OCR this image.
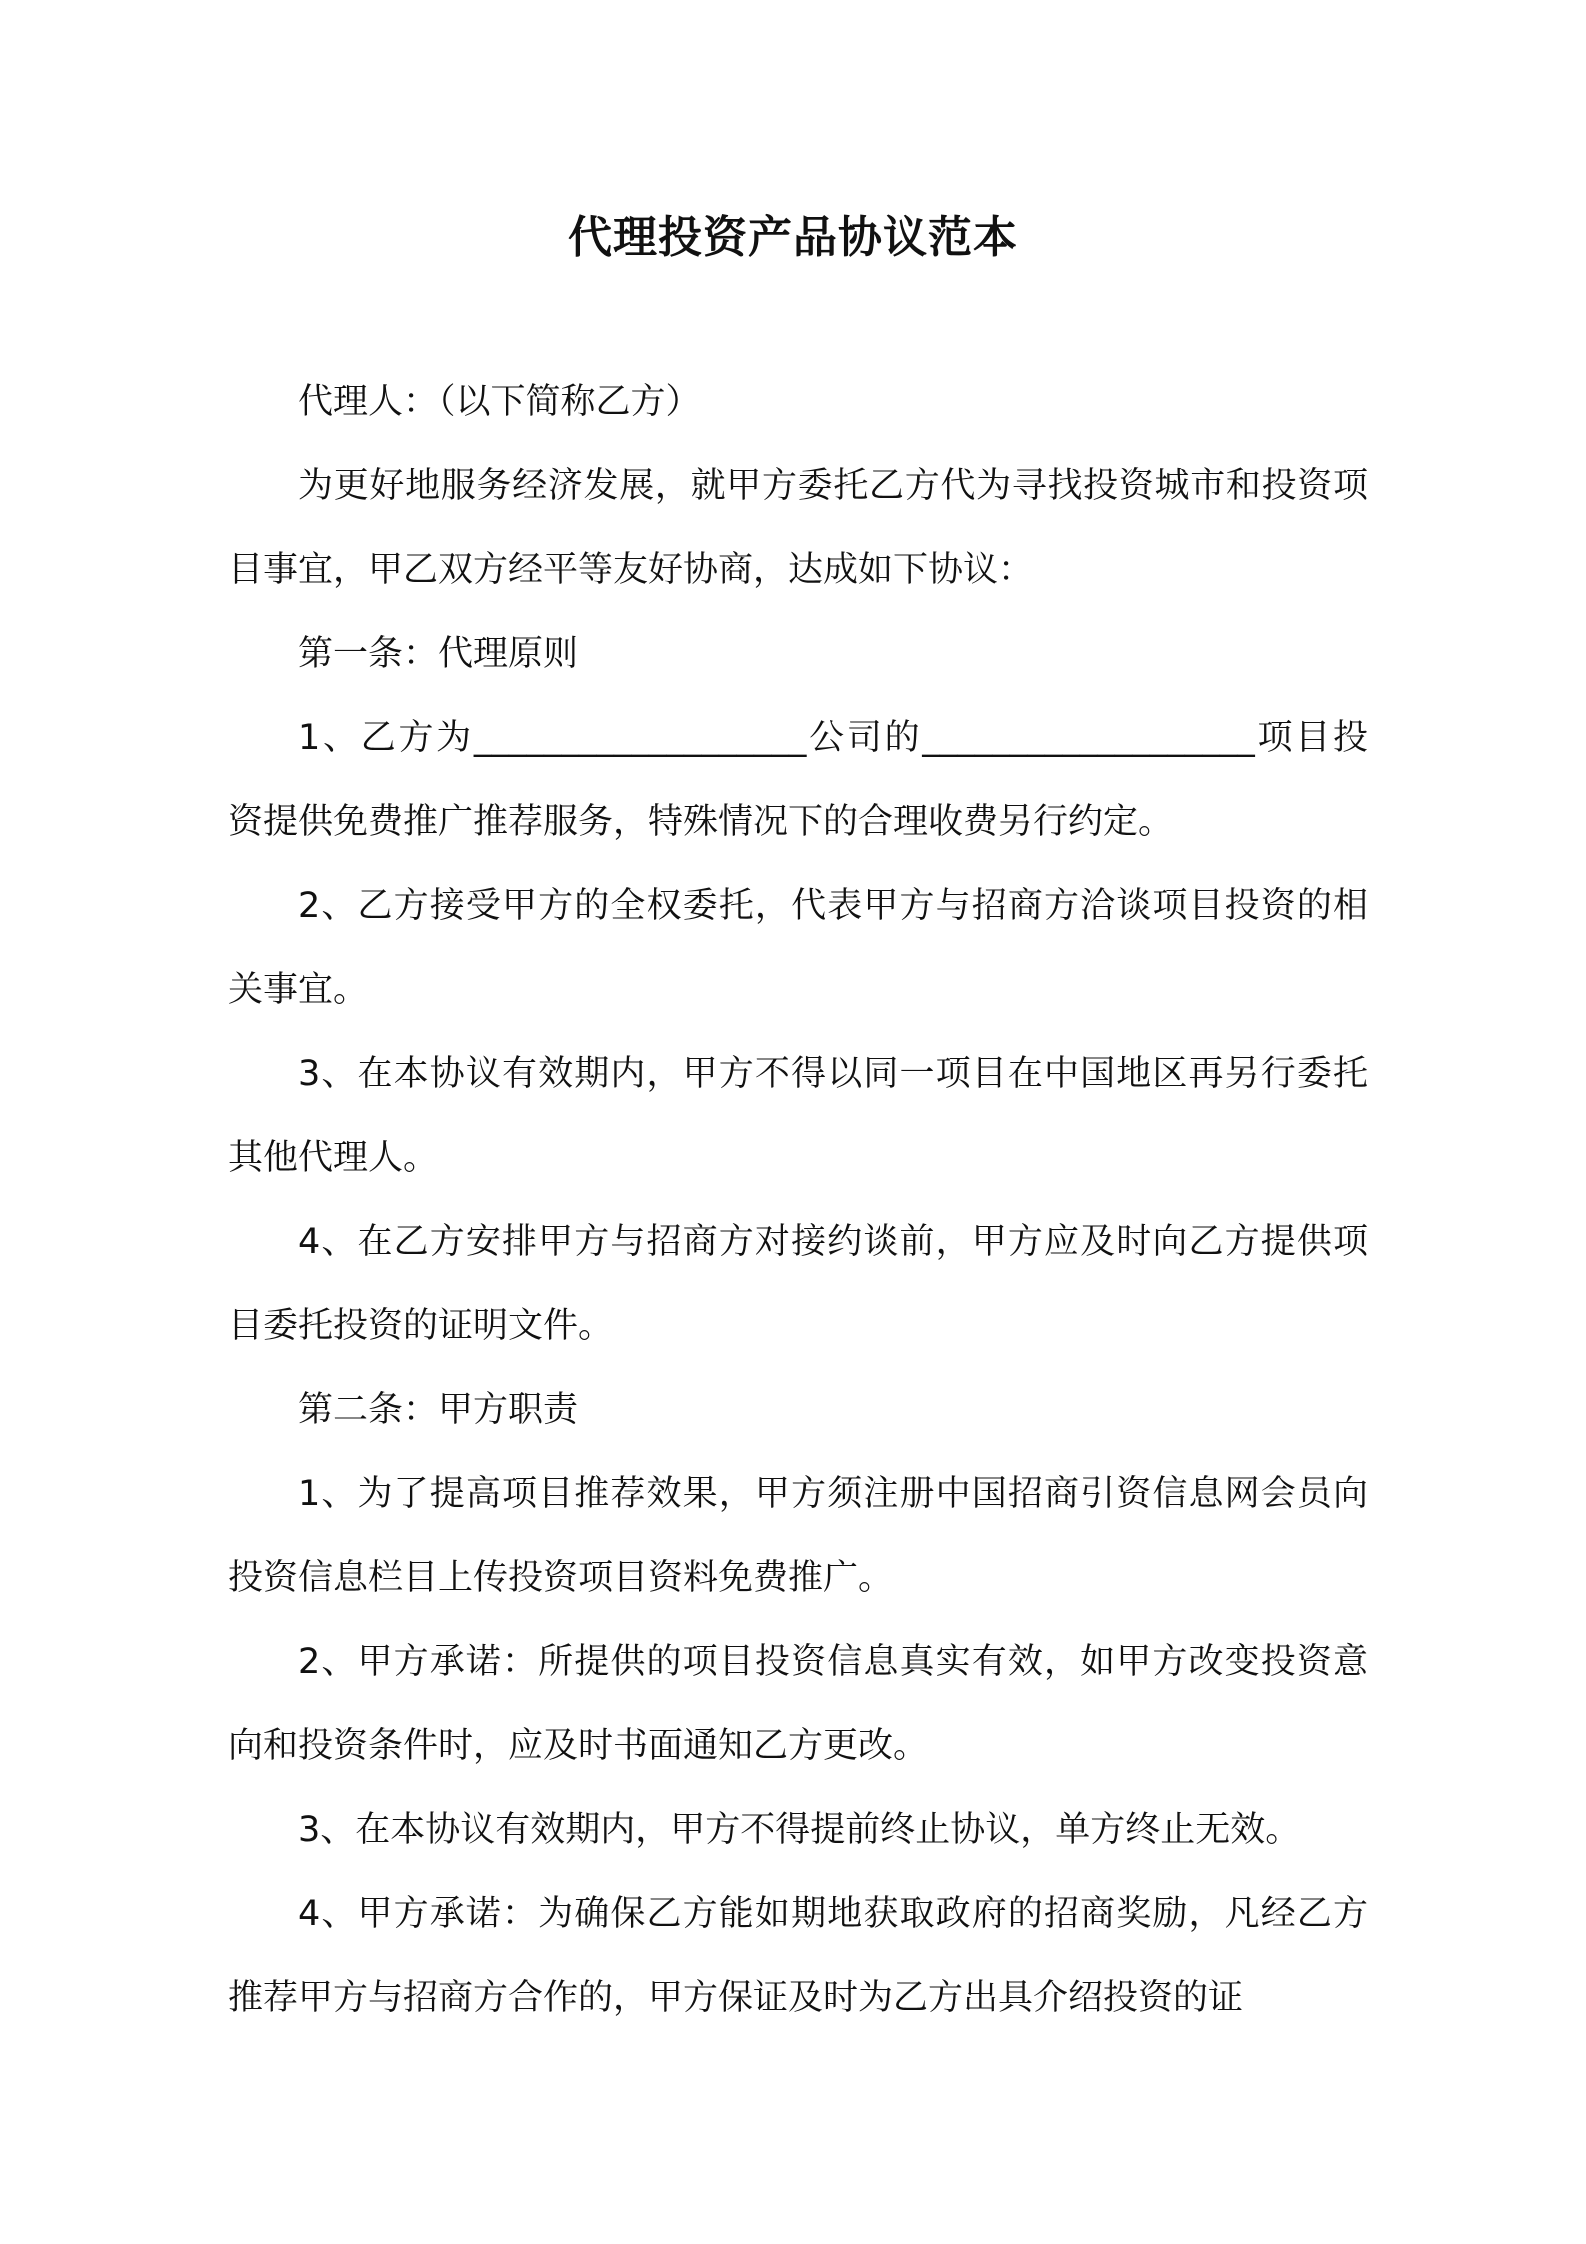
代理投资产品协议范本

代理人：（以下简称乙方）

为更好地服务经济发展，就甲方委托乙方代为寻找投资城市和投资项目事宜，甲乙双方经平等友好协商，达成如下协议：

第一条：代理原则

1、乙方为___________________公司的___________________项目投资提供免费推广推荐服务，特殊情况下的合理收费另行约定。

2、乙方接受甲方的全权委托，代表甲方与招商方洽谈项目投资的相关事宜。

3、在本协议有效期内，甲方不得以同一项目在中国地区再另行委托其他代理人。

4、在乙方安排甲方与招商方对接约谈前，甲方应及时向乙方提供项目委托投资的证明文件。

第二条：甲方职责

1、为了提高项目推荐效果，甲方须注册中国招商引资信息网会员向投资信息栏目上传投资项目资料免费推广。

2、甲方承诺：所提供的项目投资信息真实有效，如甲方改变投资意向和投资条件时，应及时书面通知乙方更改。

3、在本协议有效期内，甲方不得提前终止协议，单方终止无效。

4、甲方承诺：为确保乙方能如期地获取政府的招商奖励，凡经乙方推荐甲方与招商方合作的，甲方保证及时为乙方出具介绍投资的证
